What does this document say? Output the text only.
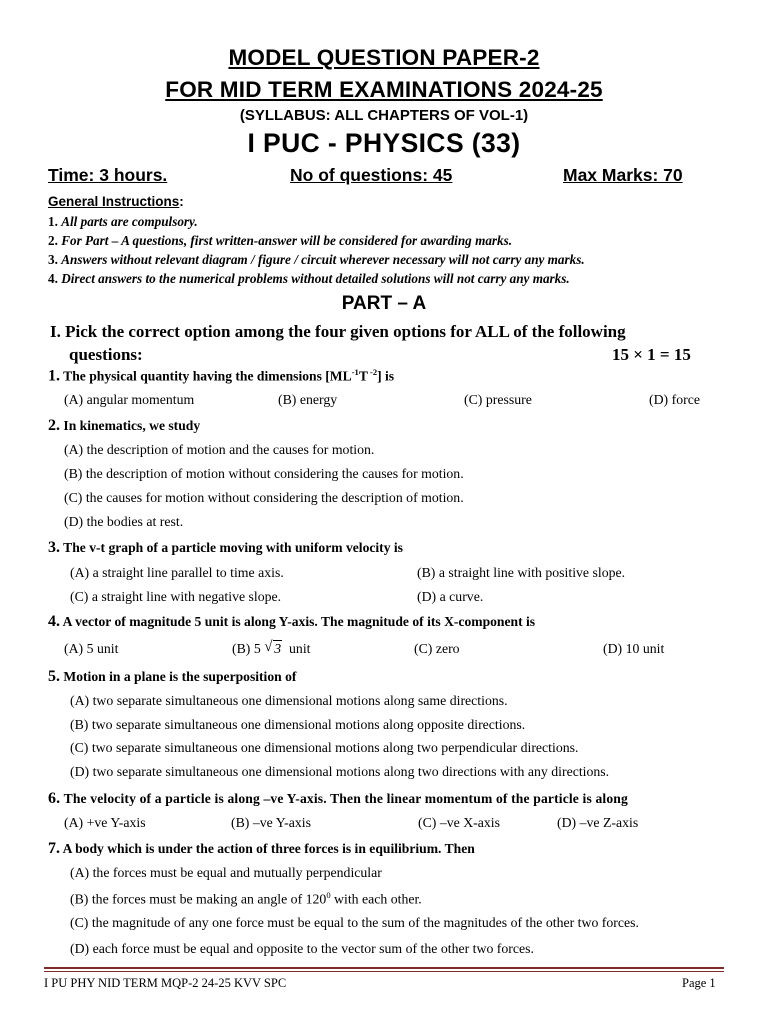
MODEL QUESTION PAPER-2
FOR MID TERM EXAMINATIONS 2024-25
(SYLLABUS: ALL CHAPTERS OF VOL-1)
I PUC - PHYSICS (33)
Time: 3 hours.	No of questions: 45	Max Marks: 70
General Instructions:
1. All parts are compulsory.
2. For Part – A questions, first written-answer will be considered for awarding marks.
3. Answers without relevant diagram / figure / circuit wherever necessary will not carry any marks.
4. Direct answers to the numerical problems without detailed solutions will not carry any marks.
PART – A
I. Pick the correct option among the four given options for ALL of the following
questions:	15 × 1 = 15
1. The physical quantity having the dimensions [$ML^{-1}T$ $^{-2}$] is
(A) angular momentum	(B) energy	(C) pressure	(D) force
2. In kinematics, we study
(A) the description of motion and the causes for motion.
(B) the description of motion without considering the causes for motion.
(C) the causes for motion without considering the description of motion.
(D) the bodies at rest.
3. The v-t graph of a particle moving with uniform velocity is
(A) a straight line parallel to time axis.	(B) a straight line with positive slope.
(C) a straight line with negative slope.	(D) a curve.
4. A vector of magnitude 5 unit is along Y-axis. The magnitude of its X-component is
(A) 5 unit	(B) 5 √ 3 unit	(C) zero	(D) 10 unit
5. Motion in a plane is the superposition of
(A) two separate simultaneous one dimensional motions along same directions.
(B) two separate simultaneous one dimensional motions along opposite directions.
(C) two separate simultaneous one dimensional motions along two perpendicular directions.
(D) two separate simultaneous one dimensional motions along two directions with any directions.
6. The velocity of a particle is along –ve Y-axis. Then the linear momentum of the particle is along
(A) +ve Y-axis	(B) –ve Y-axis	(C) –ve X-axis	(D) –ve Z-axis
7. A body which is under the action of three forces is in equilibrium. Then
(A) the forces must be equal and mutually perpendicular
(B) the forces must be making an angle of $120^0$ with each other.
(C) the magnitude of any one force must be equal to the sum of the magnitudes of the other two forces.
(D) each force must be equal and opposite to the vector sum of the other two forces.
I PU PHY NID TERM MQP-2 24-25 KVV SPC	Page 1
